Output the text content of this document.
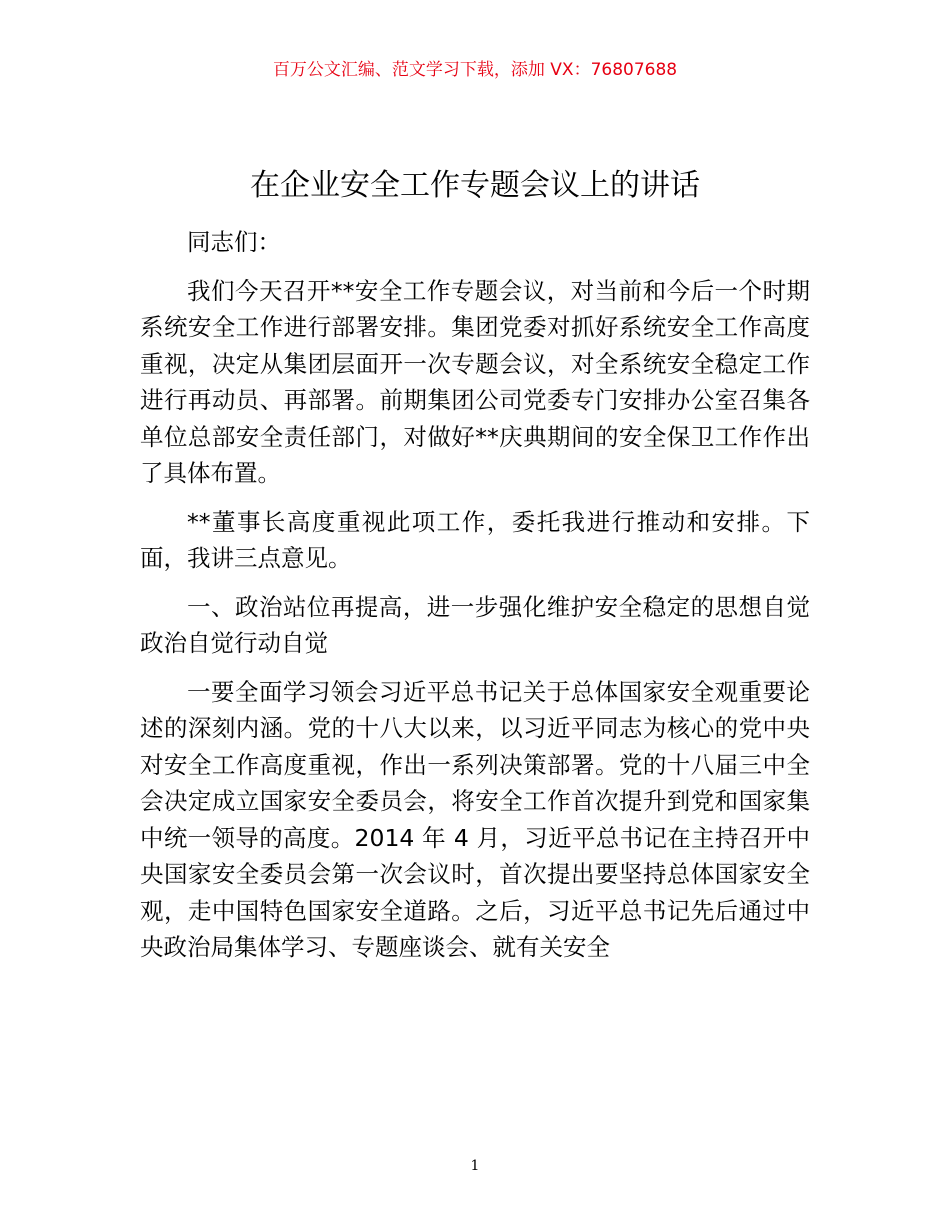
百万公文汇编、范文学习下载，添加 VX：76807688
在企业安全工作专题会议上的讲话

同志们：

我们今天召开**安全工作专题会议，对当前和今后一个时期系统安全工作进行部署安排。集团党委对抓好系统安全工作高度重视，决定从集团层面开一次专题会议，对全系统安全稳定工作进行再动员、再部署。前期集团公司党委专门安排办公室召集各单位总部安全责任部门，对做好**庆典期间的安全保卫工作作出了具体布置。

**董事长高度重视此项工作，委托我进行推动和安排。下面，我讲三点意见。

一、政治站位再提高，进一步强化维护安全稳定的思想自觉政治自觉行动自觉

一要全面学习领会习近平总书记关于总体国家安全观重要论述的深刻内涵。党的十八大以来，以习近平同志为核心的党中央对安全工作高度重视，作出一系列决策部署。党的十八届三中全会决定成立国家安全委员会，将安全工作首次提升到党和国家集中统一领导的高度。2014 年 4 月，习近平总书记在主持召开中央国家安全委员会第一次会议时，首次提出要坚持总体国家安全观，走中国特色国家安全道路。之后，习近平总书记先后通过中央政治局集体学习、专题座谈会、就有关安全

1
